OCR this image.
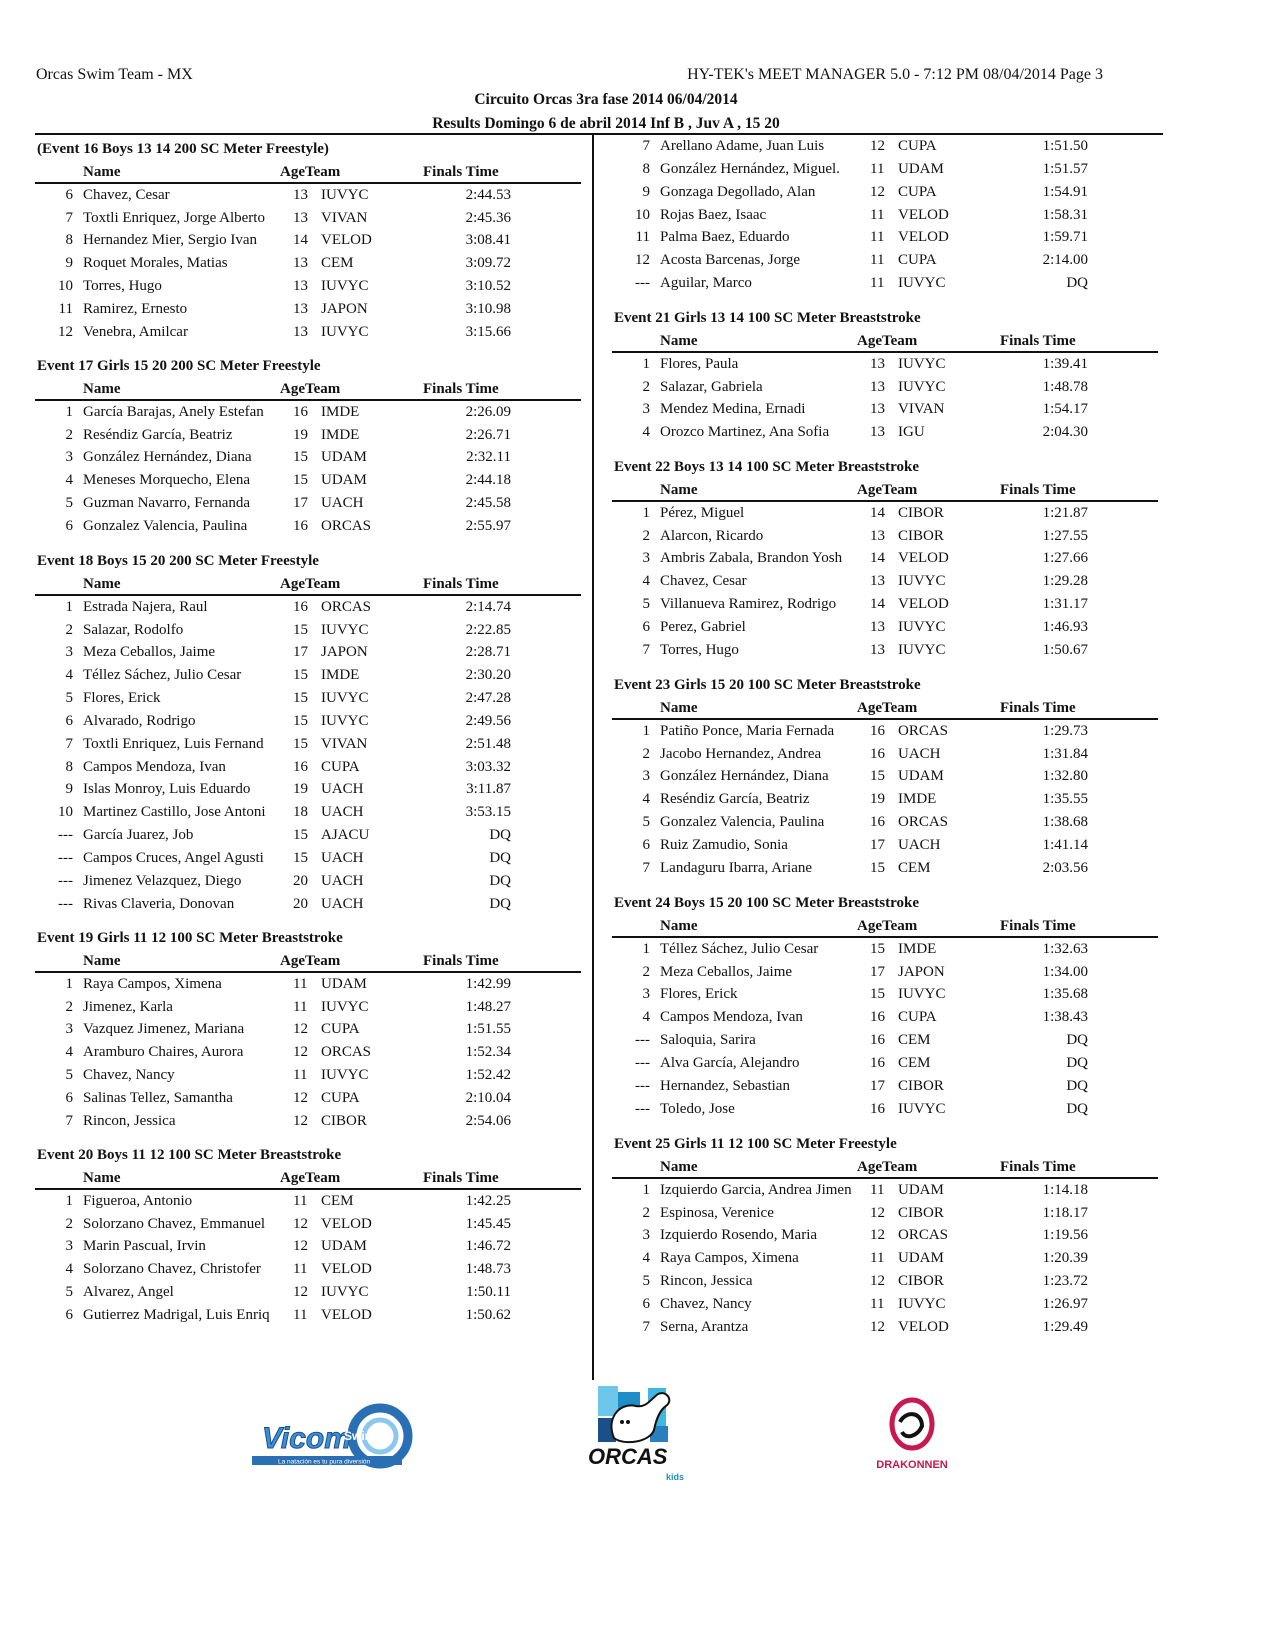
Orcas Swim Team - MX	HY-TEK's MEET MANAGER 5.0 - 7:12 PM 08/04/2014 Page 3
Circuito Orcas 3ra fase 2014 06/04/2014
Results Domingo 6 de abril 2014 Inf B , Juv A , 15 20
(Event 16 Boys 13 14 200 SC Meter Freestyle)
Name	AgeTeam	Finals Time
6 Chavez, Cesar	13 IUVYC	2:44.53
7 Toxtli Enriquez, Jorge Alberto	13 VIVAN	2:45.36
8 Hernandez Mier, Sergio Ivan	14 VELOD	3:08.41
9 Roquet Morales, Matias	13 CEM	3:09.72
10 Torres, Hugo	13 IUVYC	3:10.52
11 Ramirez, Ernesto	13 JAPON	3:10.98
12 Venebra, Amilcar	13 IUVYC	3:15.66
Event 17 Girls 15 20 200 SC Meter Freestyle
Name	AgeTeam	Finals Time
1 García Barajas, Anely Estefan	16 IMDE	2:26.09
2 Reséndiz García, Beatriz	19 IMDE	2:26.71
3 González Hernández, Diana	15 UDAM	2:32.11
4 Meneses Morquecho, Elena	15 UDAM	2:44.18
5 Guzman Navarro, Fernanda	17 UACH	2:45.58
6 Gonzalez Valencia, Paulina	16 ORCAS	2:55.97
Event 18 Boys 15 20 200 SC Meter Freestyle
Name	AgeTeam	Finals Time
1 Estrada Najera, Raul	16 ORCAS	2:14.74
2 Salazar, Rodolfo	15 IUVYC	2:22.85
3 Meza Ceballos, Jaime	17 JAPON	2:28.71
4 Téllez Sáchez, Julio Cesar	15 IMDE	2:30.20
5 Flores, Erick	15 IUVYC	2:47.28
6 Alvarado, Rodrigo	15 IUVYC	2:49.56
7 Toxtli Enriquez, Luis Fernand	15 VIVAN	2:51.48
8 Campos Mendoza, Ivan	16 CUPA	3:03.32
9 Islas Monroy, Luis Eduardo	19 UACH	3:11.87
10 Martinez Castillo, Jose Antoni	18 UACH	3:53.15
--- García Juarez, Job	15 AJACU	DQ
--- Campos Cruces, Angel Agusti	15 UACH	DQ
--- Jimenez Velazquez, Diego	20 UACH	DQ
--- Rivas Claveria, Donovan	20 UACH	DQ
Event 19 Girls 11 12 100 SC Meter Breaststroke
Name	AgeTeam	Finals Time
1 Raya Campos, Ximena	11 UDAM	1:42.99
2 Jimenez, Karla	11 IUVYC	1:48.27
3 Vazquez Jimenez, Mariana	12 CUPA	1:51.55
4 Aramburo Chaires, Aurora	12 ORCAS	1:52.34
5 Chavez, Nancy	11 IUVYC	1:52.42
6 Salinas Tellez, Samantha	12 CUPA	2:10.04
7 Rincon, Jessica	12 CIBOR	2:54.06
Event 20 Boys 11 12 100 SC Meter Breaststroke
Name	AgeTeam	Finals Time
1 Figueroa, Antonio	11 CEM	1:42.25
2 Solorzano Chavez, Emmanuel	12 VELOD	1:45.45
3 Marin Pascual, Irvin	12 UDAM	1:46.72
4 Solorzano Chavez, Christofer	11 VELOD	1:48.73
5 Alvarez, Angel	12 IUVYC	1:50.11
6 Gutierrez Madrigal, Luis Enriq	11 VELOD	1:50.62
7 Arellano Adame, Juan Luis	12 CUPA	1:51.50
8 González Hernández, Miguel.	11 UDAM	1:51.57
9 Gonzaga Degollado, Alan	12 CUPA	1:54.91
10 Rojas Baez, Isaac	11 VELOD	1:58.31
11 Palma Baez, Eduardo	11 VELOD	1:59.71
12 Acosta Barcenas, Jorge	11 CUPA	2:14.00
--- Aguilar, Marco	11 IUVYC	DQ
Event 21 Girls 13 14 100 SC Meter Breaststroke
Name	AgeTeam	Finals Time
1 Flores, Paula	13 IUVYC	1:39.41
2 Salazar, Gabriela	13 IUVYC	1:48.78
3 Mendez Medina, Ernadi	13 VIVAN	1:54.17
4 Orozco Martinez, Ana Sofia	13 IGU	2:04.30
Event 22 Boys 13 14 100 SC Meter Breaststroke
Name	AgeTeam	Finals Time
1 Pérez, Miguel	14 CIBOR	1:21.87
2 Alarcon, Ricardo	13 CIBOR	1:27.55
3 Ambris Zabala, Brandon Yosh	14 VELOD	1:27.66
4 Chavez, Cesar	13 IUVYC	1:29.28
5 Villanueva Ramirez, Rodrigo	14 VELOD	1:31.17
6 Perez, Gabriel	13 IUVYC	1:46.93
7 Torres, Hugo	13 IUVYC	1:50.67
Event 23 Girls 15 20 100 SC Meter Breaststroke
Name	AgeTeam	Finals Time
1 Patiño Ponce, Maria Fernada	16 ORCAS	1:29.73
2 Jacobo Hernandez, Andrea	16 UACH	1:31.84
3 González Hernández, Diana	15 UDAM	1:32.80
4 Reséndiz García, Beatriz	19 IMDE	1:35.55
5 Gonzalez Valencia, Paulina	16 ORCAS	1:38.68
6 Ruiz Zamudio, Sonia	17 UACH	1:41.14
7 Landaguru Ibarra, Ariane	15 CEM	2:03.56
Event 24 Boys 15 20 100 SC Meter Breaststroke
Name	AgeTeam	Finals Time
1 Téllez Sáchez, Julio Cesar	15 IMDE	1:32.63
2 Meza Ceballos, Jaime	17 JAPON	1:34.00
3 Flores, Erick	15 IUVYC	1:35.68
4 Campos Mendoza, Ivan	16 CUPA	1:38.43
--- Saloquia, Sarira	16 CEM	DQ
--- Alva García, Alejandro	16 CEM	DQ
--- Hernandez, Sebastian	17 CIBOR	DQ
--- Toledo, Jose	16 IUVYC	DQ
Event 25 Girls 11 12 100 SC Meter Freestyle
Name	AgeTeam	Finals Time
1 Izquierdo Garcia, Andrea Jimen 11 UDAM	1:14.18
2 Espinosa, Verenice	12 CIBOR	1:18.17
3 Izquierdo Rosendo, Maria	12 ORCAS	1:19.56
4 Raya Campos, Ximena	11 UDAM	1:20.39
5 Rincon, Jessica	12 CIBOR	1:23.72
6 Chavez, Nancy	11 IUVYC	1:26.97
7 Serna, Arantza	12 VELOD	1:29.49
Vicom
Swim
La natación es tu pura diversión	ORCAS
kids
DRAKONNEN
